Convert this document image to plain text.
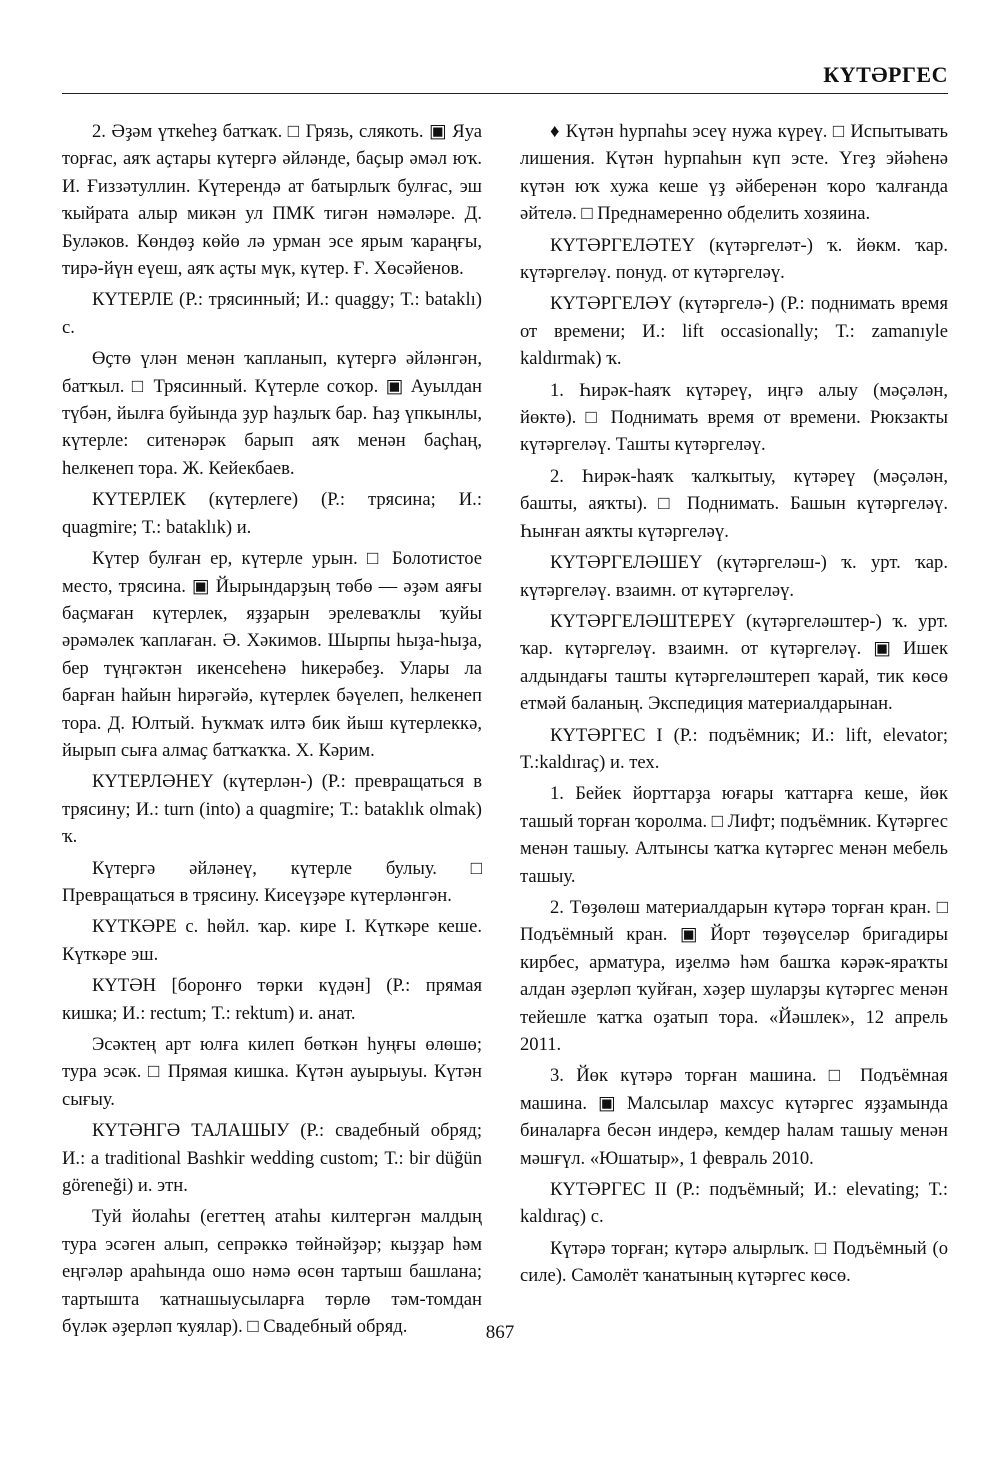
КҮТӘРГЕС

2. Әҙәм үткеһеҙ батҡаҡ. □ Грязь, слякоть. ▣ Яуа торғас, аяҡ аҫтары күтергә әйләнде, баҫыр әмәл юҡ. И. Ғиззәтуллин. Күтерендә ат батырлыҡ булғас, эш ҡыйрата алыр микән ул ПМК тигән нәмәләре. Д. Буләков. Көндөҙ көйө лә урман эсе ярым ҡараңғы, тирә-йүн еүеш, аяҡ аҫты мүк, күтер. Ғ. Хөсәйенов.

КҮТЕРЛЕ (Р.: трясинный; И.: quaggy; Т.: bataklı) с.

Өҫтө үлән менән ҡапланып, күтергә әйләнгән, батҡыл. □ Трясинный. Күтерле соҡор. ▣ Ауылдан түбән, йылға буйында ҙур һаҙлыҡ бар. Һаҙ үпкынлы, күтерле: ситенәрәк барып аяҡ менән баҫһаң, һелкенеп тора. Ж. Кейекбаев.

КҮТЕРЛЕК (күтерлеге) (Р.: трясина; И.: quagmire; Т.: bataklık) и.

Күтер булған ер, күтерле урын. □ Болотистое место, трясина. ▣ Йырындарҙың төбө — әҙәм аяғы баҫмаған күтерлек, яҙҙарын эрелеваҡлы ҡуйы әрәмәлек ҡаплаған. Ә. Хәкимов. Шырпы һыҙа-һыҙа, бер түңгәктән икенсеһенә һикерәбеҙ. Улары ла барған һайын һирәгәйә, күтерлек бәүелеп, һелкенеп тора. Д. Юлтый. Һуҡмаҡ илтә бик йыш күтерлеккә, йырып сыға алмаҫ батҡаҡҡа. Х. Кәрим.

КҮТЕРЛӘНЕҮ (күтерлән-) (Р.: превращаться в трясину; И.: turn (into) a quagmire; Т.: bataklık olmak) ҡ.

Күтергә әйләнеү, күтерле булыу. □ Превращаться в трясину. Кисеүҙәре күтерләнгән.

КҮТКӘРЕ с. һөйл. ҡар. кире I. Күткәре кеше. Күткәре эш.

КҮТӘН [боронғо төрки күдән] (Р.: прямая кишка; И.: rectum; Т.: rektum) и. анат.

Эсәктең арт юлға килеп бөткән һуңғы өлөшө; тура эсәк. □ Прямая кишка. Күтән ауырыуы. Күтән сығыу.

КҮТӘНГӘ ТАЛАШЫУ (Р.: свадебный обряд; И.: a traditional Bashkir wedding custom; Т.: bir düğün göreneği) и. этн.

Туй йолаһы (егеттең атаһы килтергән малдың тура эсәген алып, сепрәккә төйнәйҙәр; кыҙҙар һәм еңгәләр араһында ошо нәмә өсөн тартыш башлана; тартышта ҡатнашыусыларға төрлө тәм-томдан бүләк әҙерләп ҡуялар). □ Свадебный обряд.

♦ Күтән һурпаһы эсеү нужа күреү. □ Испытывать лишения. Күтән һурпаһын күп эсте. Үгеҙ эйәһенә күтән юҡ хужа кеше үҙ әйберенән ҡоро ҡалғанда әйтелә. □ Преднамеренно обделить хозяина.

КҮТӘРГЕЛӘТЕҮ (күтәргеләт-) ҡ. йөкм. ҡар. күтәргеләү. понуд. от күтәргеләү.

КҮТӘРГЕЛӘҮ (күтәргелә-) (Р.: поднимать время от времени; И.: lift occasionally; Т.: zamanıyle kaldırmak) ҡ.

1. Һирәк-һаяҡ күтәреү, иңгә алыу (мәҫәлән, йөктө). □ Поднимать время от времени. Рюкзакты күтәргеләү. Ташты күтәргеләү.

2. Һирәк-һаяҡ ҡалҡытыу, күтәреү (мәҫәлән, башты, аяҡты). □ Поднимать. Башын күтәргеләү. Һынған аяҡты күтәргеләү.

КҮТӘРГЕЛӘШЕҮ (күтәргеләш-) ҡ. урт. ҡар. күтәргеләү. взаимн. от күтәргеләү.

КҮТӘРГЕЛӘШТЕРЕҮ (күтәргеләштер-) ҡ. урт. ҡар. күтәргеләү. взаимн. от күтәргеләү. ▣ Ишек алдындағы ташты күтәргеләштереп ҡарай, тик көсө етмәй баланың. Экспедиция материалдарынан.

КҮТӘРГЕС I (Р.: подъёмник; И.: lift, elevator; Т.:kaldıraç) и. тех.

1. Бейек йорттарҙа юғары ҡаттарға кеше, йөк ташый торған ҡоролма. □ Лифт; подъёмник. Күтәргес менән ташыу. Алтынсы ҡатҡа күтәргес менән мебель ташыу.

2. Төҙөлөш материалдарын күтәрә торған кран. □ Подъёмный кран. ▣ Йорт төҙөүселәр бригадиры кирбес, арматура, иҙелмә һәм башҡа кәрәк-яраҡты алдан әҙерләп ҡуйған, хәҙер шуларҙы күтәргес менән тейешле ҡатҡа оҙатып тора. «Йәшлек», 12 апрель 2011.

3. Йөк күтәрә торған машина. □ Подъёмная машина. ▣ Малсылар махсус күтәргес яҙҙамында биналарға бесән индерә, кемдер һалам ташыу менән мәшғүл. «Юшатыр», 1 февраль 2010.

КҮТӘРГЕС II (Р.: подъёмный; И.: elevating; Т.: kaldıraç) с.

Күтәрә торған; күтәрә алырлыҡ. □ Подъёмный (о силе). Самолёт ҡанатының күтәргес көсө.

867
